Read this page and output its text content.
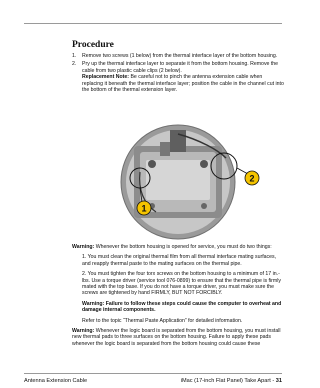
Procedure
1.	Remove two screws (1 below) from the thermal interface layer of the bottom housing.
2.	Pry up the thermal interface layer to separate it from the bottom housing. Remove the cable from two plastic cable clips (2 below).
Replacement Note: Be careful not to pinch the antenna extension cable when replacing it beneath the thermal interface layer; position the cable in the channel cut into the bottom of the thermal extension layer.
1
2

Warning: Whenever the bottom housing is opened for service, you must do two things:

1. You must clean the original thermal film from all thermal interface mating surfaces, and reapply thermal paste to the mating surfaces on the thermal pipe.

2. You must tighten the four torx screws on the bottom housing to a minimum of 17 in.-lbs. Use a torque driver (service tool 076-0899) to ensure that the thermal pipe is firmly mated with the top base. If you do not have a torque driver, you must make sure the screws are tightened by hand FIRMLY, BUT NOT FORCIBLY.

Warning: Failure to follow these steps could cause the computer to overheat and damage internal components.

Refer to the topic “Thermal Paste Application” for detailed information.

Warning: Whenever the logic board is separated from the bottom housing, you must install new thermal pads to three surfaces on the bottom housing. Failure to apply these pads whenever the logic board is separated from the bottom housing could cause these

Antenna Extension Cable	iMac (17-inch Flat Panel) Take Apart - 31
